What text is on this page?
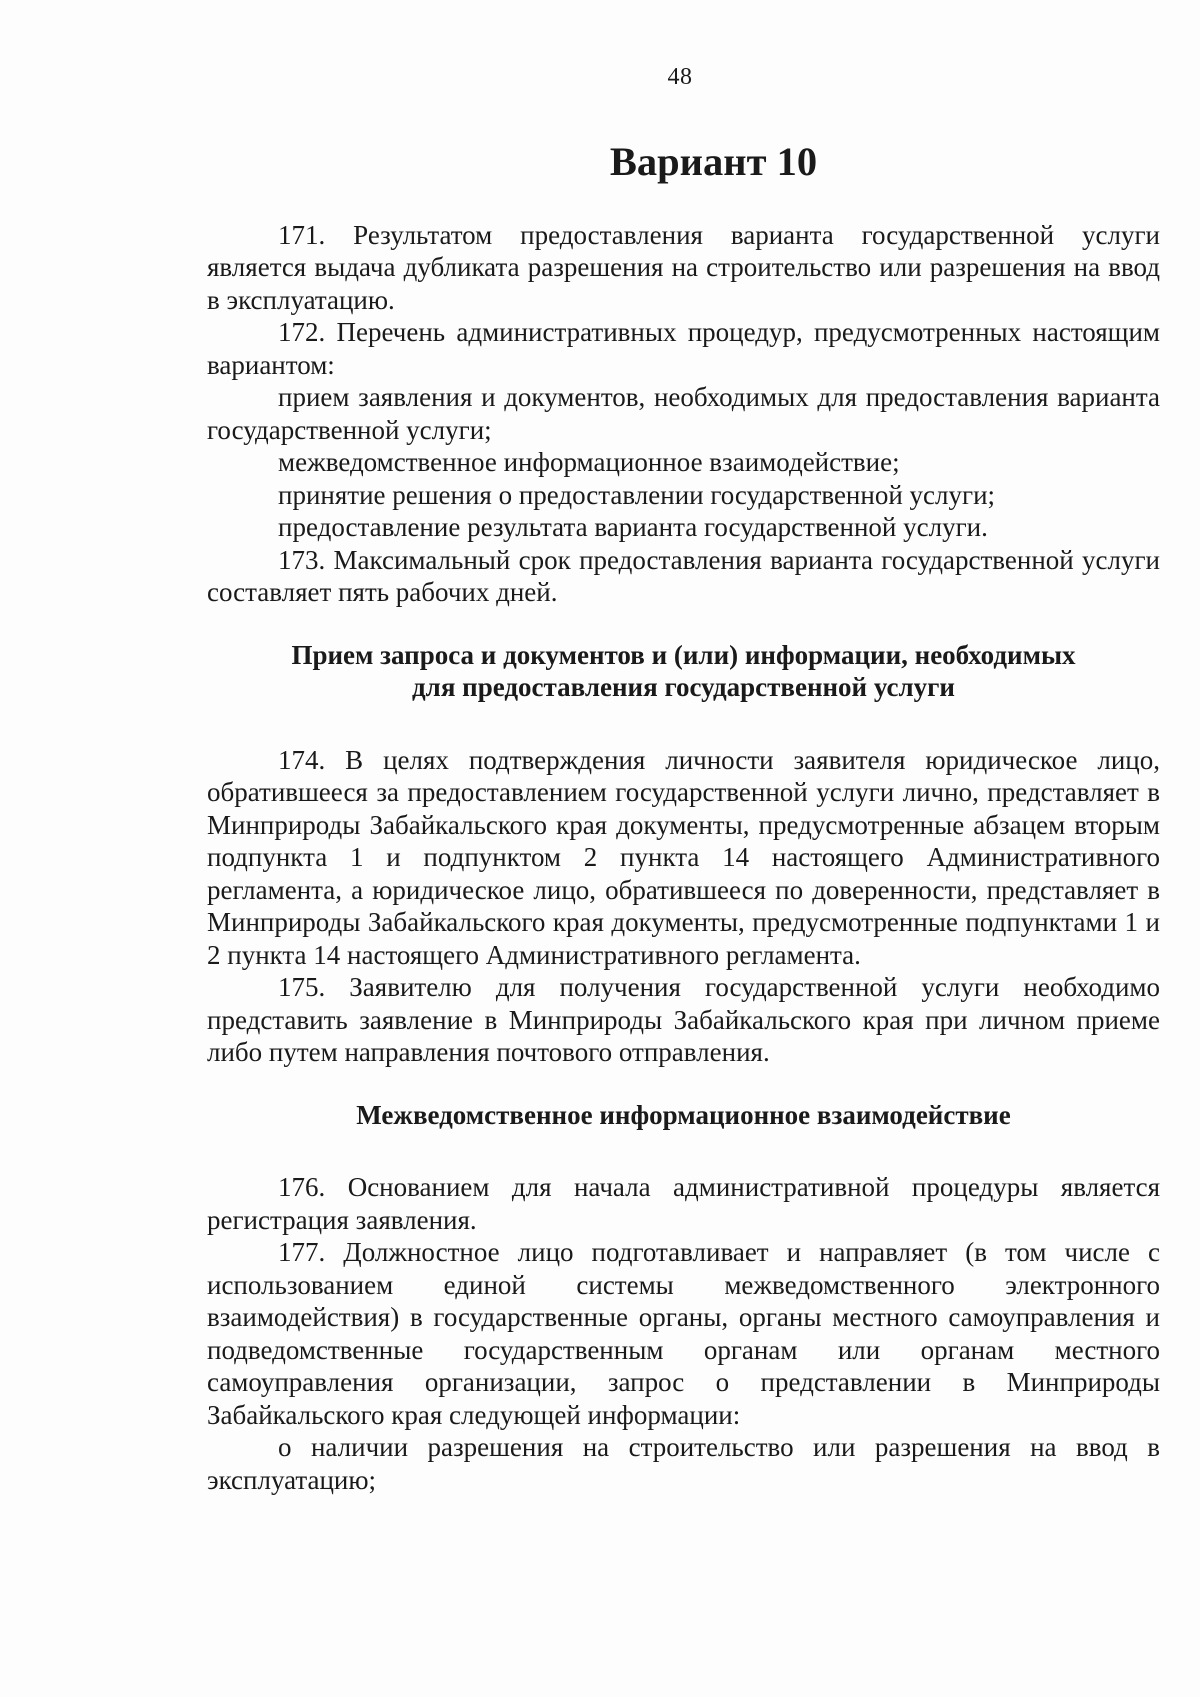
48
Вариант 10

171. Результатом предоставления варианта государственной услуги является выдача дубликата разрешения на строительство или разрешения на ввод в эксплуатацию.

172. Перечень административных процедур, предусмотренных настоящим вариантом:

прием заявления и документов, необходимых для предоставления варианта государственной услуги;

межведомственное информационное взаимодействие;

принятие решения о предоставлении государственной услуги;

предоставление результата варианта государственной услуги.

173. Максимальный срок предоставления варианта государственной услуги составляет пять рабочих дней.

Прием запроса и документов и (или) информации, необходимых
для предоставления государственной услуги

174. В целях подтверждения личности заявителя юридическое лицо, обратившееся за предоставлением государственной услуги лично, представляет в Минприроды Забайкальского края документы, предусмотренные абзацем вторым подпункта 1 и подпунктом 2 пункта 14 настоящего Административного регламента, а юридическое лицо, обратившееся по доверенности, представляет в Минприроды Забайкальского края документы, предусмотренные подпунктами 1 и 2 пункта 14 настоящего Административного регламента.

175. Заявителю для получения государственной услуги необходимо представить заявление в Минприроды Забайкальского края при личном приеме либо путем направления почтового отправления.

Межведомственное информационное взаимодействие

176. Основанием для начала административной процедуры является регистрация заявления.

177. Должностное лицо подготавливает и направляет (в том числе с использованием единой системы межведомственного электронного взаимодействия) в государственные органы, органы местного самоуправления и подведомственные государственным органам или органам местного самоуправления организации, запрос о представлении в Минприроды Забайкальского края следующей информации:

о наличии разрешения на строительство или разрешения на ввод в эксплуатацию;
